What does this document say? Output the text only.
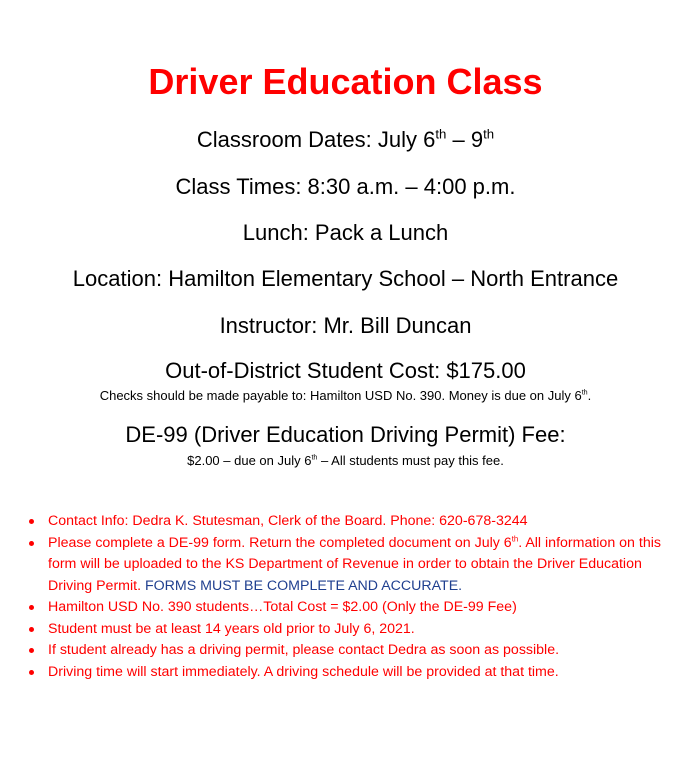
Driver Education Class
Classroom Dates: July 6th – 9th
Class Times: 8:30 a.m. – 4:00 p.m.
Lunch: Pack a Lunch
Location: Hamilton Elementary School – North Entrance
Instructor: Mr. Bill Duncan
Out-of-District Student Cost: $175.00
Checks should be made payable to: Hamilton USD No. 390. Money is due on July 6th.
DE-99 (Driver Education Driving Permit) Fee:
$2.00 – due on July 6th – All students must pay this fee.
Contact Info: Dedra K. Stutesman, Clerk of the Board. Phone: 620-678-3244
Please complete a DE-99 form. Return the completed document on July 6th. All information on this form will be uploaded to the KS Department of Revenue in order to obtain the Driver Education Driving Permit. FORMS MUST BE COMPLETE AND ACCURATE.
Hamilton USD No. 390 students…Total Cost = $2.00 (Only the DE-99 Fee)
Student must be at least 14 years old prior to July 6, 2021.
If student already has a driving permit, please contact Dedra as soon as possible.
Driving time will start immediately. A driving schedule will be provided at that time.
